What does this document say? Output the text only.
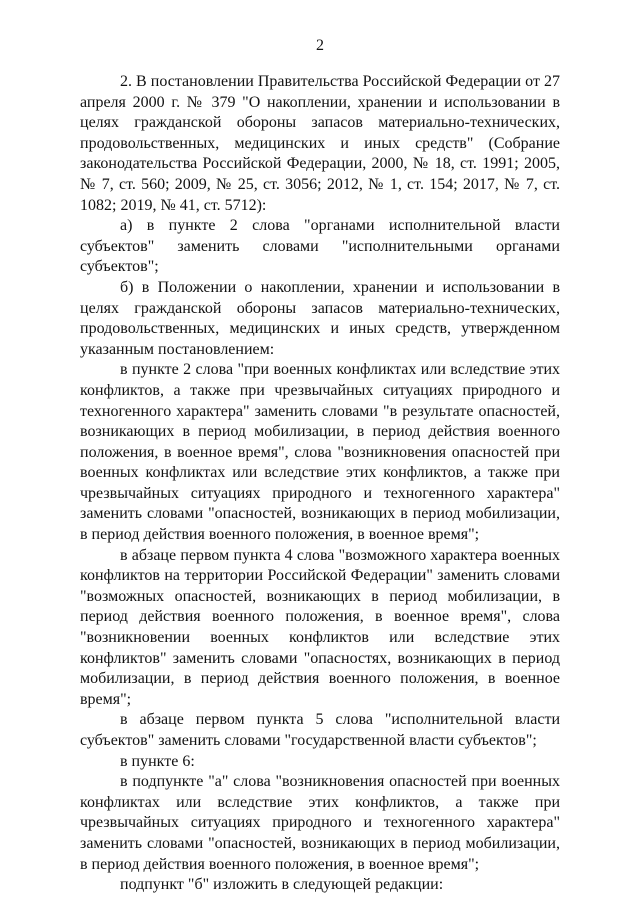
2

2. В постановлении Правительства Российской Федерации от 27 апреля 2000 г. № 379 "О накоплении, хранении и использовании в целях гражданской обороны запасов материально-технических, продовольственных, медицинских и иных средств" (Собрание законодательства Российской Федерации, 2000, № 18, ст. 1991; 2005, № 7, ст. 560; 2009, № 25, ст. 3056; 2012, № 1, ст. 154; 2017, № 7, ст. 1082; 2019, № 41, ст. 5712):

а) в пункте 2 слова "органами исполнительной власти субъектов" заменить словами "исполнительными органами субъектов";

б) в Положении о накоплении, хранении и использовании в целях гражданской обороны запасов материально-технических, продовольственных, медицинских и иных средств, утвержденном указанным постановлением:

в пункте 2 слова "при военных конфликтах или вследствие этих конфликтов, а также при чрезвычайных ситуациях природного и техногенного характера" заменить словами "в результате опасностей, возникающих в период мобилизации, в период действия военного положения, в военное время", слова "возникновения опасностей при военных конфликтах или вследствие этих конфликтов, а также при чрезвычайных ситуациях природного и техногенного характера" заменить словами "опасностей, возникающих в период мобилизации, в период действия военного положения, в военное время";

в абзаце первом пункта 4 слова "возможного характера военных конфликтов на территории Российской Федерации" заменить словами "возможных опасностей, возникающих в период мобилизации, в период действия военного положения, в военное время", слова "возникновении военных конфликтов или вследствие этих конфликтов" заменить словами "опасностях, возникающих в период мобилизации, в период действия военного положения, в военное время";

в абзаце первом пункта 5 слова "исполнительной власти субъектов" заменить словами "государственной власти субъектов";

в пункте 6:

в подпункте "а" слова "возникновения опасностей при военных конфликтах или вследствие этих конфликтов, а также при чрезвычайных ситуациях природного и техногенного характера" заменить словами "опасностей, возникающих в период мобилизации, в период действия военного положения, в военное время";

подпункт "б" изложить в следующей редакции:
